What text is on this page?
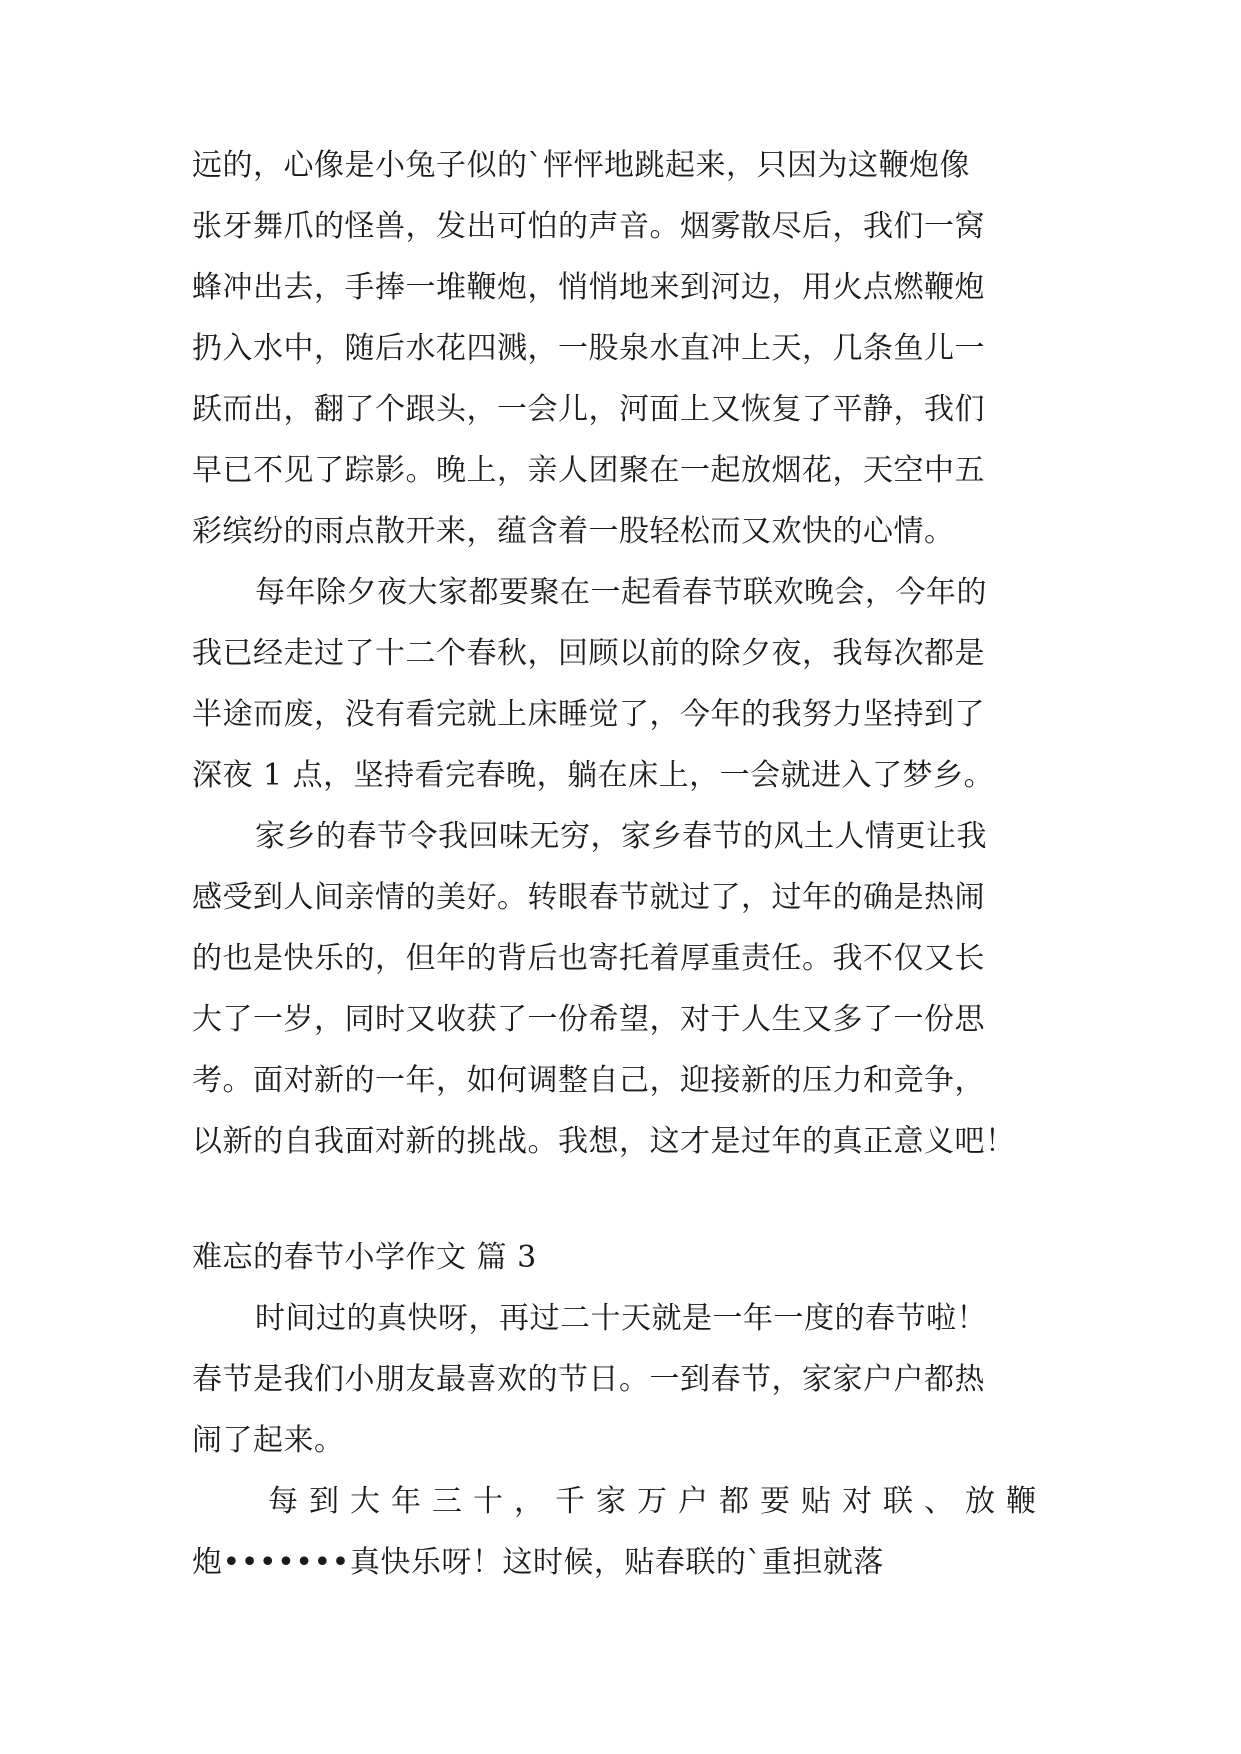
远的，心像是小兔子似的`怦怦地跳起来，只因为这鞭炮像
张牙舞爪的怪兽，发出可怕的声音。烟雾散尽后，我们一窝
蜂冲出去，手捧一堆鞭炮，悄悄地来到河边，用火点燃鞭炮
扔入水中，随后水花四溅，一股泉水直冲上天，几条鱼儿一
跃而出，翻了个跟头，一会儿，河面上又恢复了平静，我们
早已不见了踪影。晚上，亲人团聚在一起放烟花，天空中五
彩缤纷的雨点散开来，蕴含着一股轻松而又欢快的心情。
每年除夕夜大家都要聚在一起看春节联欢晚会，今年的
我已经走过了十二个春秋，回顾以前的除夕夜，我每次都是
半途而废，没有看完就上床睡觉了，今年的我努力坚持到了
深夜 1 点，坚持看完春晚，躺在床上，一会就进入了梦乡。
家乡的春节令我回味无穷，家乡春节的风土人情更让我
感受到人间亲情的美好。转眼春节就过了，过年的确是热闹
的也是快乐的，但年的背后也寄托着厚重责任。我不仅又长
大了一岁，同时又收获了一份希望，对于人生又多了一份思
考。面对新的一年，如何调整自己，迎接新的压力和竞争，
以新的自我面对新的挑战。我想，这才是过年的真正意义吧！
难忘的春节小学作文 篇 3
时间过的真快呀，再过二十天就是一年一度的春节啦！
春节是我们小朋友最喜欢的节日。一到春节，家家户户都热
闹了起来。
每到大年三十，千家万户都要贴对联、放鞭
炮•••••••真快乐呀！这时候，贴春联的`重担就落
